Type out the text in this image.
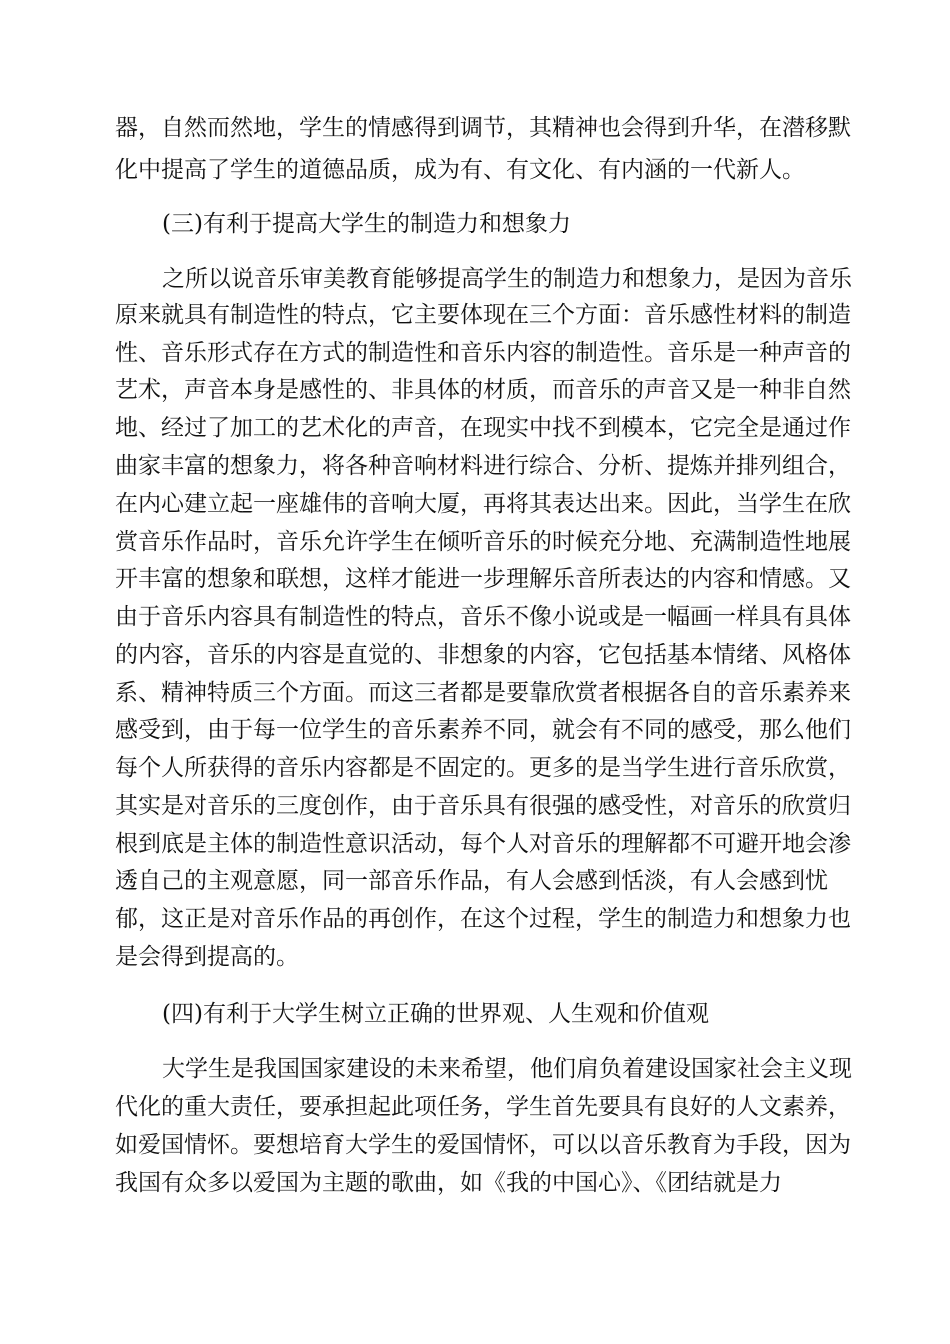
器，自然而然地，学生的情感得到调节，其精神也会得到升华，在潜移默
化中提高了学生的道德品质，成为有、有文化、有内涵的一代新人。
(三)有利于提高大学生的制造力和想象力
之所以说音乐审美教育能够提高学生的制造力和想象力，是因为音乐
原来就具有制造性的特点，它主要体现在三个方面：音乐感性材料的制造
性、音乐形式存在方式的制造性和音乐内容的制造性。音乐是一种声音的
艺术，声音本身是感性的、非具体的材质，而音乐的声音又是一种非自然
地、经过了加工的艺术化的声音，在现实中找不到模本，它完全是通过作
曲家丰富的想象力，将各种音响材料进行综合、分析、提炼并排列组合，
在内心建立起一座雄伟的音响大厦，再将其表达出来。因此，当学生在欣
赏音乐作品时，音乐允许学生在倾听音乐的时候充分地、充满制造性地展
开丰富的想象和联想，这样才能进一步理解乐音所表达的内容和情感。又
由于音乐内容具有制造性的特点，音乐不像小说或是一幅画一样具有具体
的内容，音乐的内容是直觉的、非想象的内容，它包括基本情绪、风格体
系、精神特质三个方面。而这三者都是要靠欣赏者根据各自的音乐素养来
感受到，由于每一位学生的音乐素养不同，就会有不同的感受，那么他们
每个人所获得的音乐内容都是不固定的。更多的是当学生进行音乐欣赏，
其实是对音乐的三度创作，由于音乐具有很强的感受性，对音乐的欣赏归
根到底是主体的制造性意识活动，每个人对音乐的理解都不可避开地会渗
透自己的主观意愿，同一部音乐作品，有人会感到恬淡，有人会感到忧
郁，这正是对音乐作品的再创作，在这个过程，学生的制造力和想象力也
是会得到提高的。
(四)有利于大学生树立正确的世界观、人生观和价值观
大学生是我国国家建设的未来希望，他们肩负着建设国家社会主义现
代化的重大责任，要承担起此项任务，学生首先要具有良好的人文素养，
如爱国情怀。要想培育大学生的爱国情怀，可以以音乐教育为手段，因为
我国有众多以爱国为主题的歌曲，如《我的中国心》、《团结就是力
